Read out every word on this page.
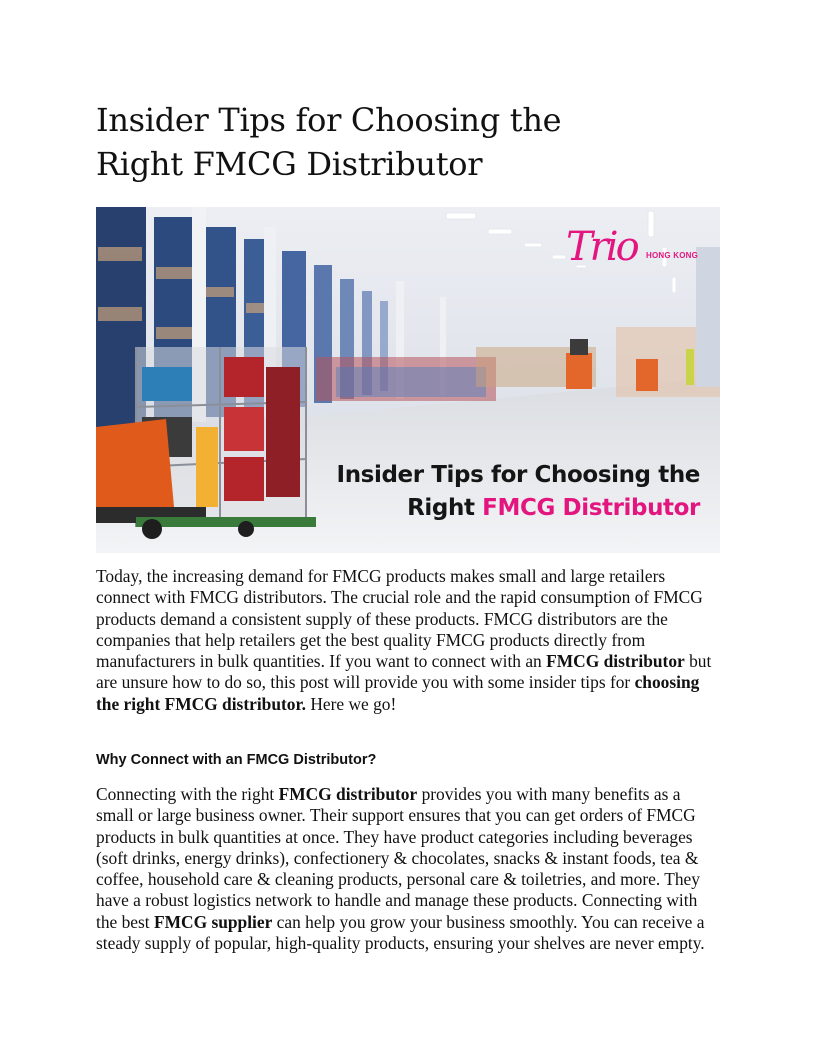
Insider Tips for Choosing the
Right FMCG Distributor
Trio HONG KONG
Insider Tips for Choosing the
Right FMCG Distributor

Today, the increasing demand for FMCG products makes small and large retailers connect with FMCG distributors. The crucial role and the rapid consumption of FMCG products demand a consistent supply of these products. FMCG distributors are the companies that help retailers get the best quality FMCG products directly from manufacturers in bulk quantities. If you want to connect with an FMCG distributor but are unsure how to do so, this post will provide you with some insider tips for choosing the right FMCG distributor. Here we go!

Why Connect with an FMCG Distributor?

Connecting with the right FMCG distributor provides you with many benefits as a small or large business owner. Their support ensures that you can get orders of FMCG products in bulk quantities at once. They have product categories including beverages (soft drinks, energy drinks), confectionery & chocolates, snacks & instant foods, tea & coffee, household care & cleaning products, personal care & toiletries, and more. They have a robust logistics network to handle and manage these products. Connecting with the best FMCG supplier can help you grow your business smoothly. You can receive a steady supply of popular, high-quality products, ensuring your shelves are never empty.
